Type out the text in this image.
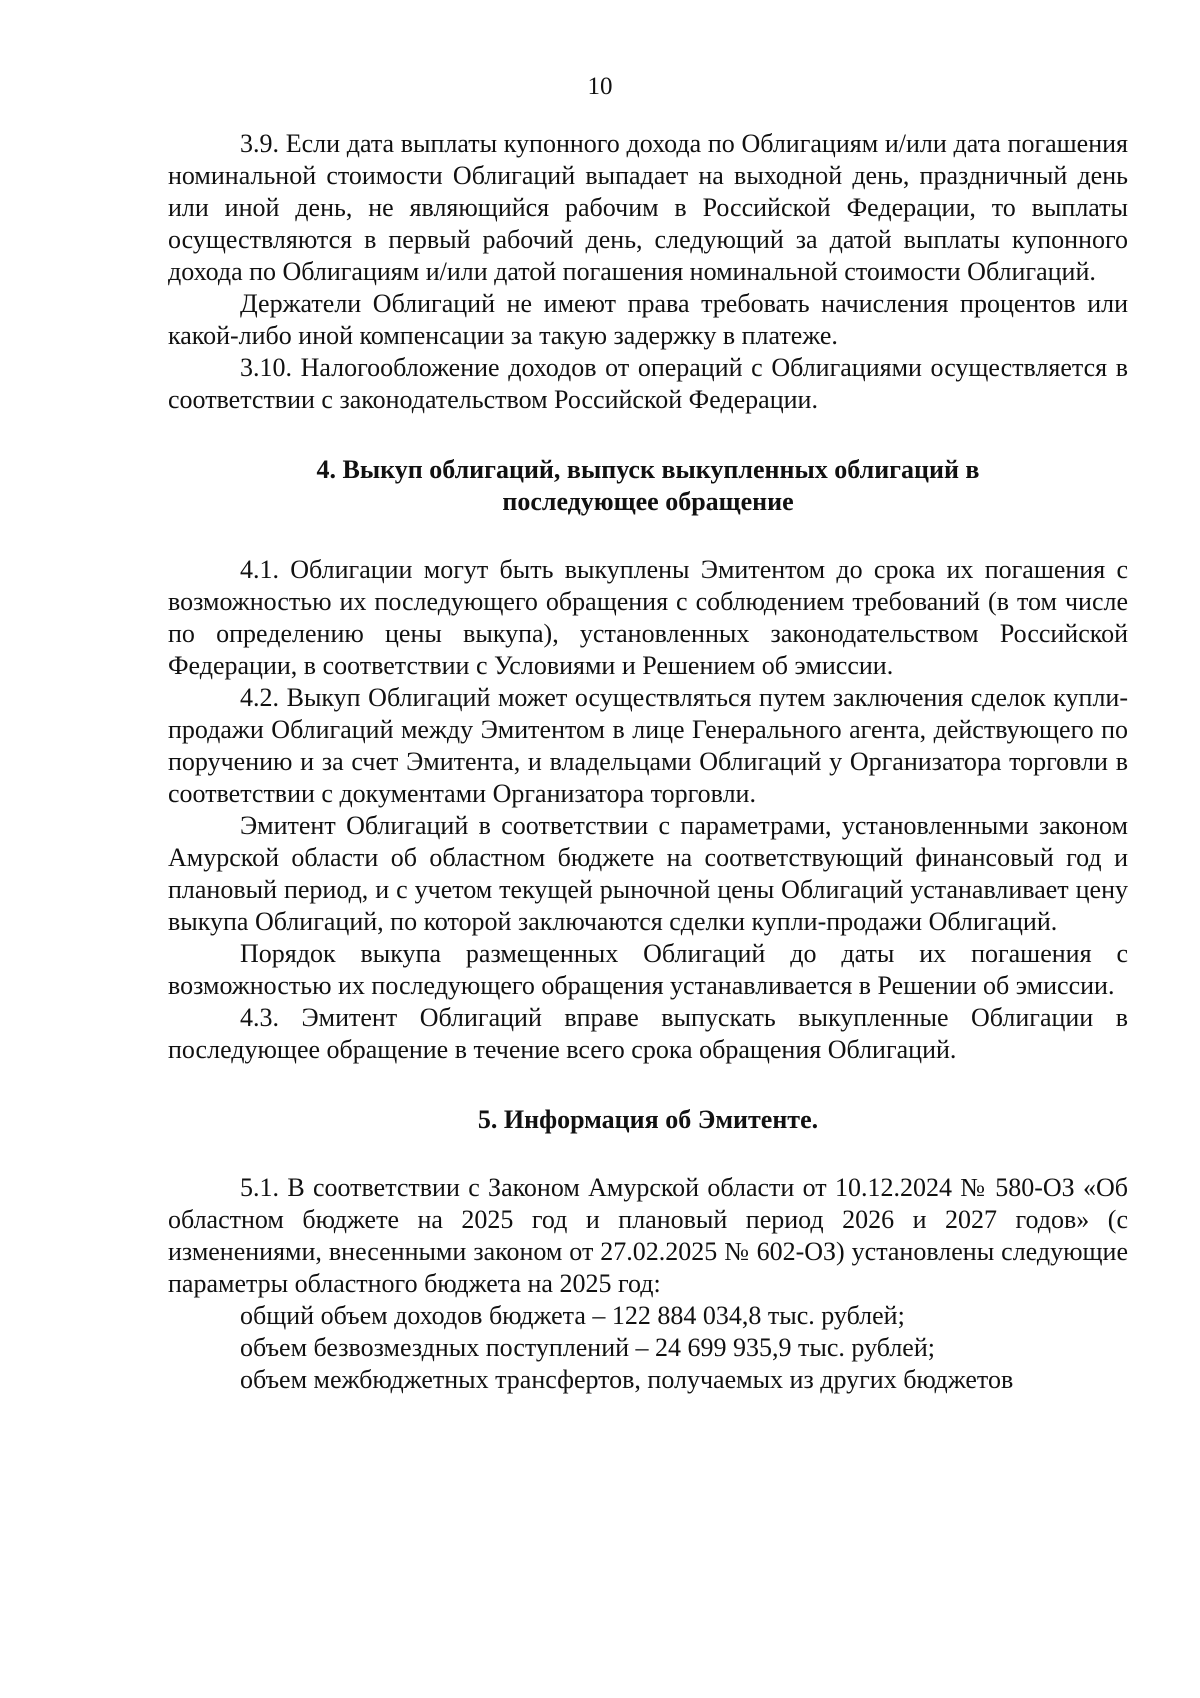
10

3.9. Если дата выплаты купонного дохода по Облигациям и/или дата погашения номинальной стоимости Облигаций выпадает на выходной день, праздничный день или иной день, не являющийся рабочим в Российской Федерации, то выплаты осуществляются в первый рабочий день, следующий за датой выплаты купонного дохода по Облигациям и/или датой погашения номинальной стоимости Облигаций.

Держатели Облигаций не имеют права требовать начисления процентов или какой-либо иной компенсации за такую задержку в платеже.

3.10. Налогообложение доходов от операций с Облигациями осуществляется в соответствии с законодательством Российской Федерации.

4. Выкуп облигаций, выпуск выкупленных облигаций в
последующее обращение

4.1. Облигации могут быть выкуплены Эмитентом до срока их погашения с возможностью их последующего обращения с соблюдением требований (в том числе по определению цены выкупа), установленных законодательством Российской Федерации, в соответствии с Условиями и Решением об эмиссии.

4.2. Выкуп Облигаций может осуществляться путем заключения сделок купли-продажи Облигаций между Эмитентом в лице Генерального агента, действующего по поручению и за счет Эмитента, и владельцами Облигаций у Организатора торговли в соответствии с документами Организатора торговли.

Эмитент Облигаций в соответствии с параметрами, установленными законом Амурской области об областном бюджете на соответствующий финансовый год и плановый период, и с учетом текущей рыночной цены Облигаций устанавливает цену выкупа Облигаций, по которой заключаются сделки купли-продажи Облигаций.

Порядок выкупа размещенных Облигаций до даты их погашения с возможностью их последующего обращения устанавливается в Решении об эмиссии.

4.3. Эмитент Облигаций вправе выпускать выкупленные Облигации в последующее обращение в течение всего срока обращения Облигаций.

5. Информация об Эмитенте.

5.1. В соответствии с Законом Амурской области от 10.12.2024 № 580-ОЗ «Об областном бюджете на 2025 год и плановый период 2026 и 2027 годов» (с изменениями, внесенными законом от 27.02.2025 № 602-ОЗ) установлены следующие параметры областного бюджета на 2025 год:

общий объем доходов бюджета – 122 884 034,8 тыс. рублей;

объем безвозмездных поступлений – 24 699 935,9 тыс. рублей;

объем межбюджетных трансфертов, получаемых из других бюджетов
